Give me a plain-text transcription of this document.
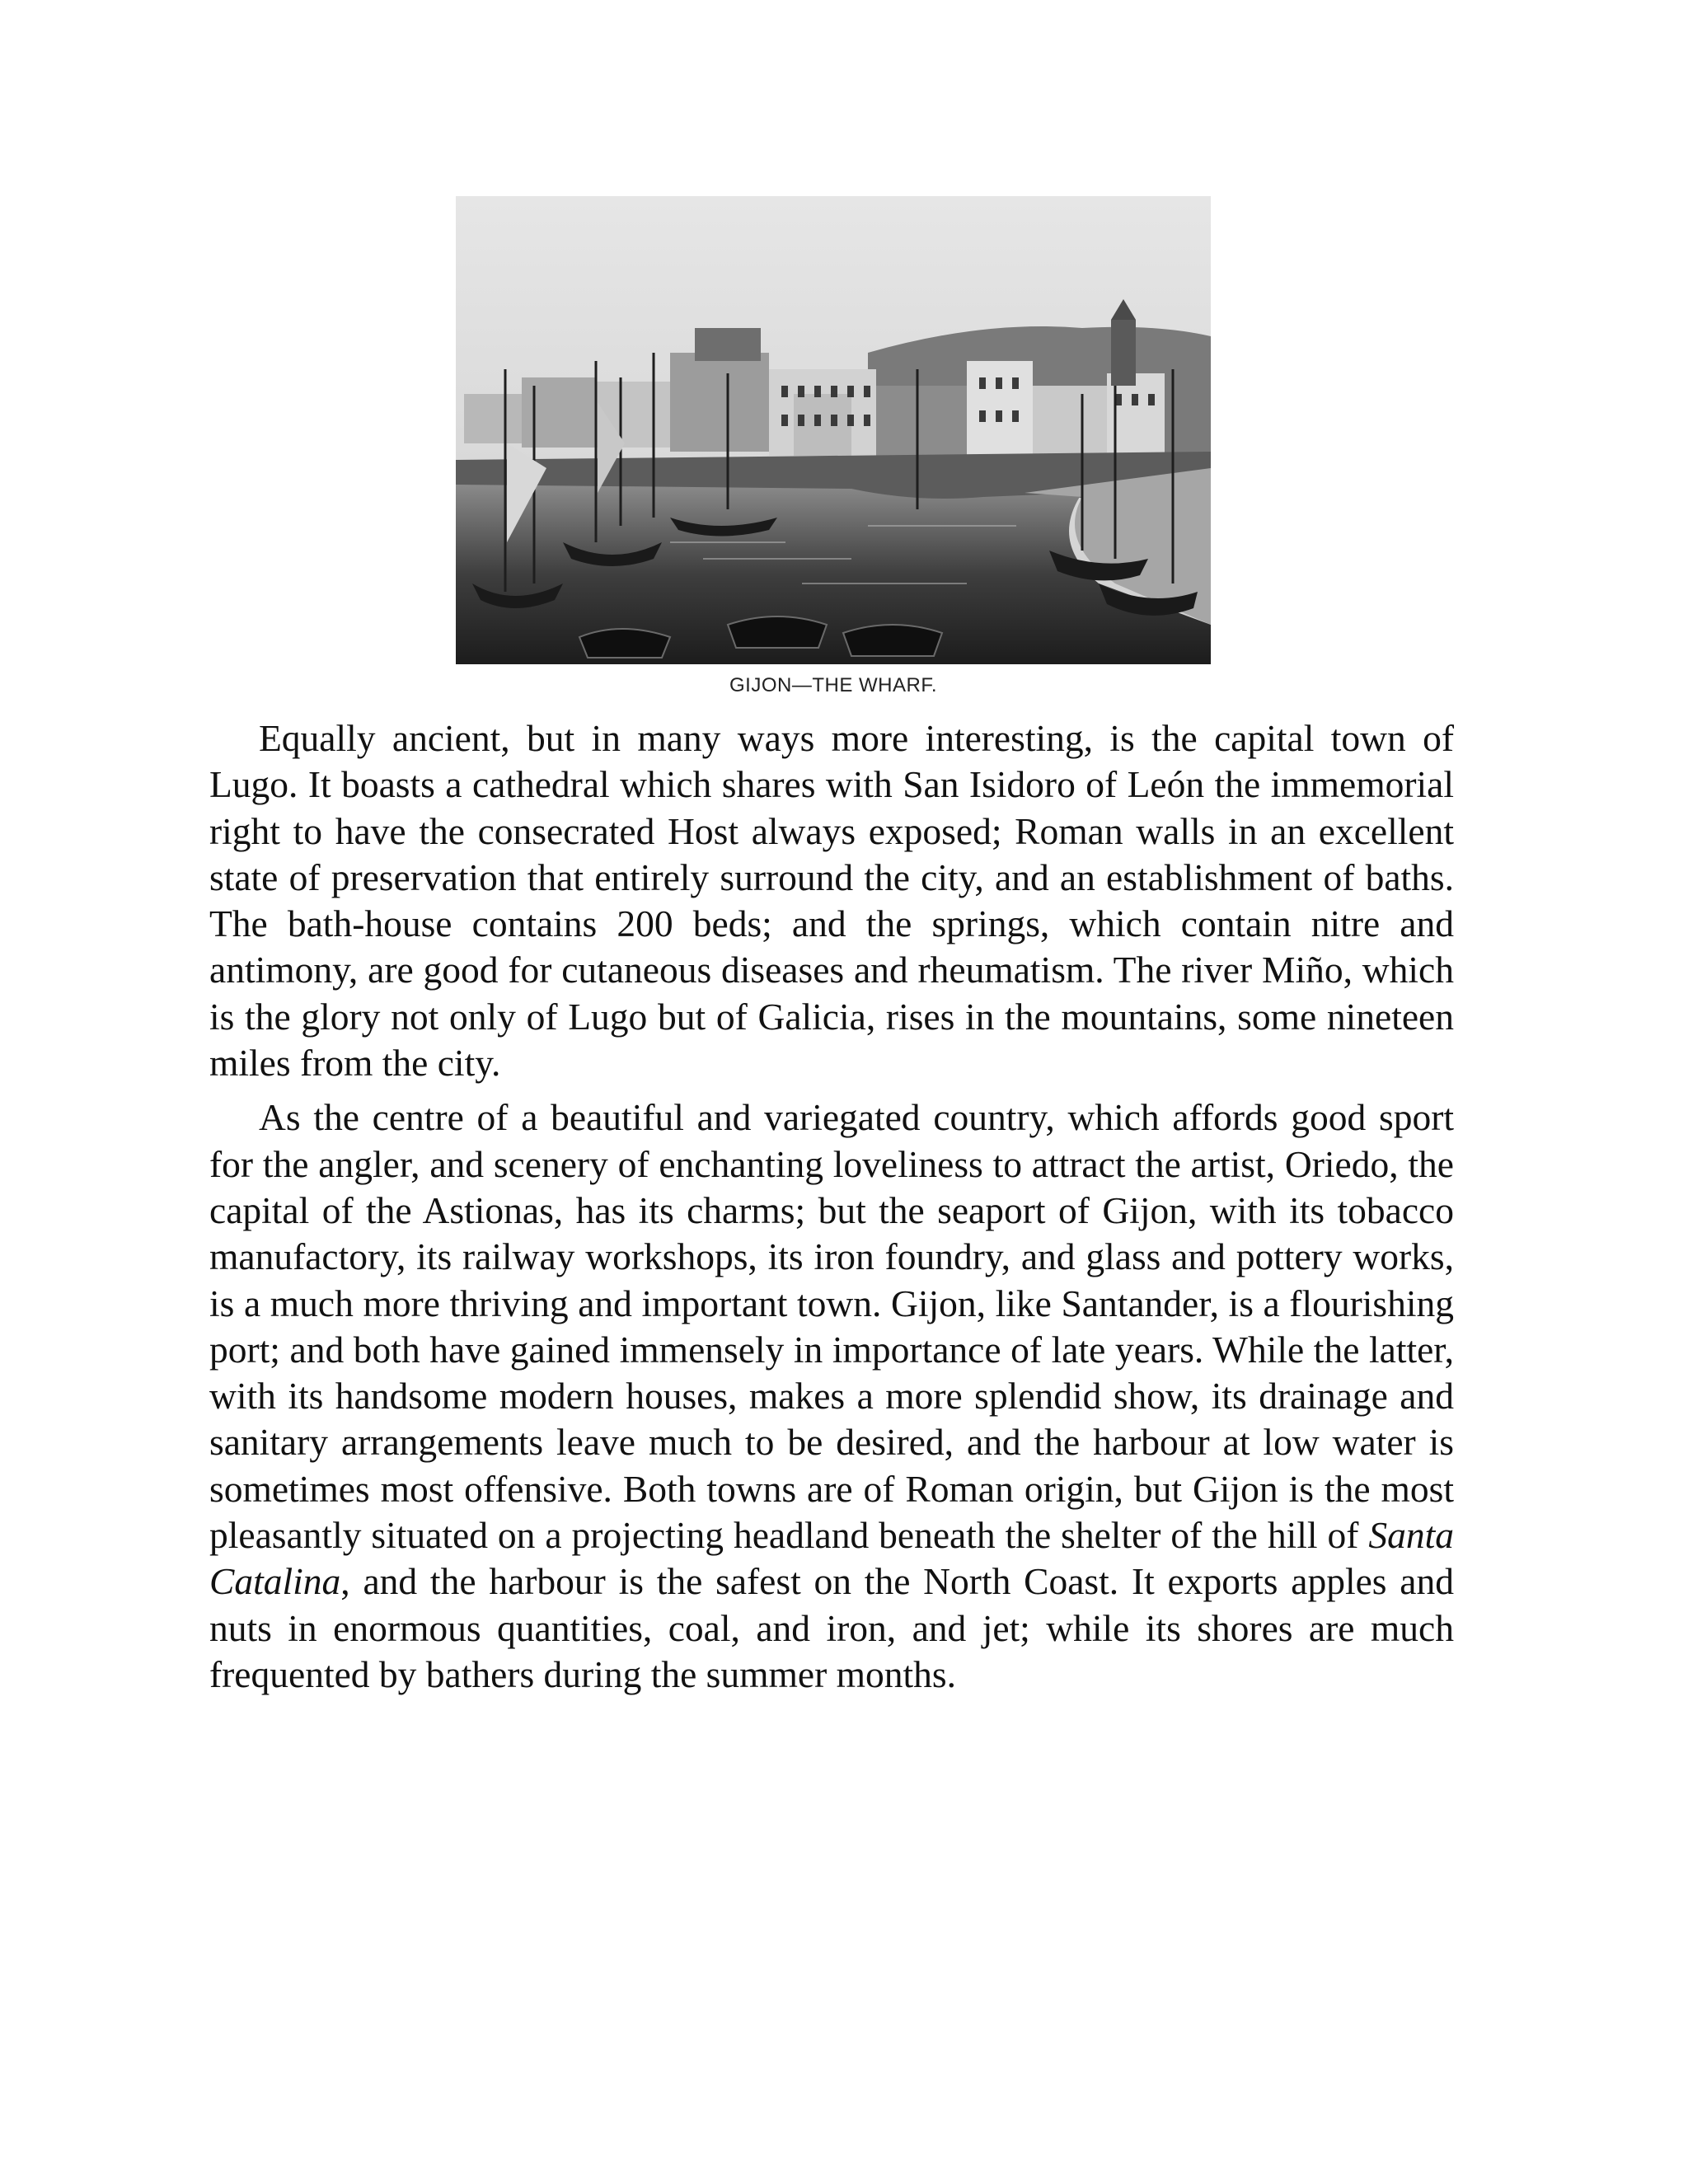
GIJON—THE WHARF.

Equally ancient, but in many ways more interesting, is the capital town of Lugo. It boasts a cathedral which shares with San Isidoro of León the immemorial right to have the consecrated Host always exposed; Roman walls in an excellent state of preservation that entirely surround the city, and an establishment of baths. The bath-house contains 200 beds; and the springs, which contain nitre and antimony, are good for cutaneous diseases and rheumatism. The river Miño, which is the glory not only of Lugo but of Galicia, rises in the mountains, some nineteen miles from the city.

As the centre of a beautiful and variegated country, which affords good sport for the angler, and scenery of enchanting loveliness to attract the artist, Oriedo, the capital of the Astionas, has its charms; but the seaport of Gijon, with its tobacco manufactory, its railway workshops, its iron foundry, and glass and pottery works, is a much more thriving and important town. Gijon, like Santander, is a flourishing port; and both have gained immensely in importance of late years. While the latter, with its handsome modern houses, makes a more splendid show, its drainage and sanitary arrangements leave much to be desired, and the harbour at low water is sometimes most offensive. Both towns are of Roman origin, but Gijon is the most pleasantly situated on a projecting headland beneath the shelter of the hill of Santa Catalina, and the harbour is the safest on the North Coast. It exports apples and nuts in enormous quantities, coal, and iron, and jet; while its shores are much frequented by bathers during the summer months.
